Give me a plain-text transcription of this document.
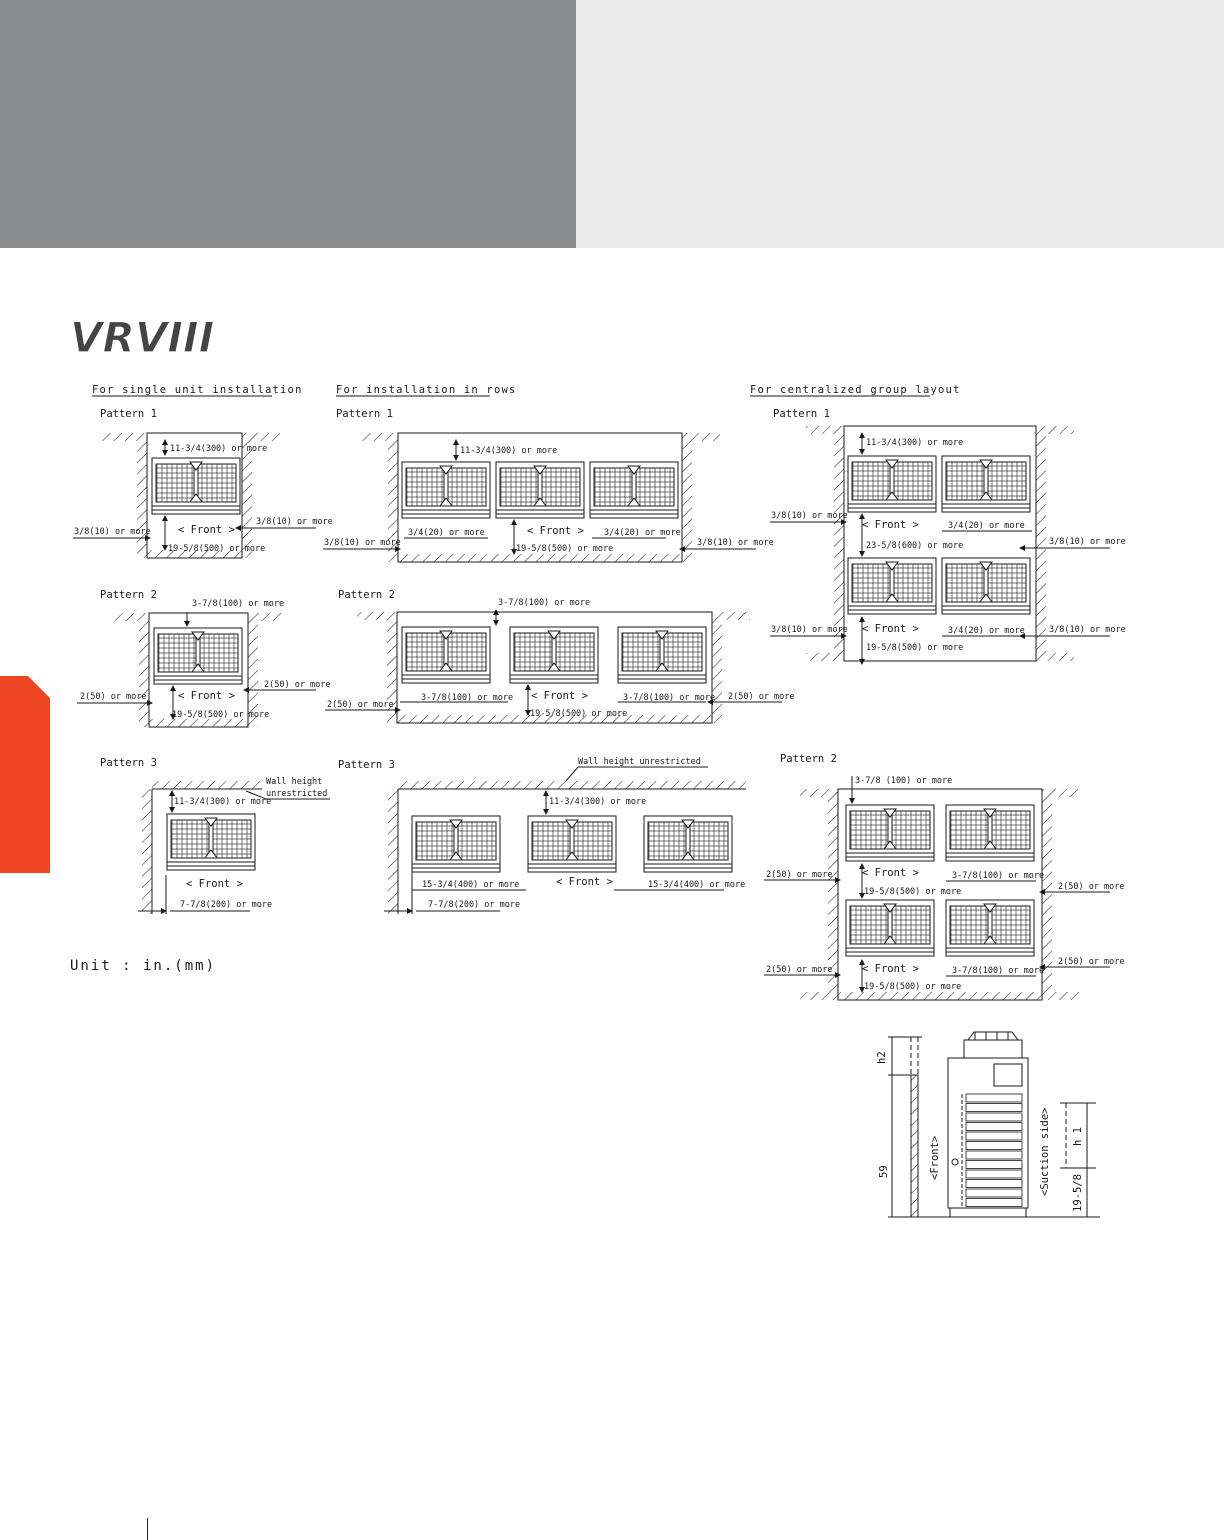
VRVIII
For single unit installation	For installation in rows	For centralized group layout
Pattern 1	Pattern 1	Pattern 1
Pattern 2	Pattern 2
Pattern 3	Pattern 3	Pattern 2
11-3/4(300) or more
< Front >
19-5/8(500) or more
3/8(10) or more
3/8(10) or more
11-3/4(300) or more
< Front >
19-5/8(500) or more
3/4(20) or more	3/4(20) or more
3/8(10) or more	3/8(10) or more
11-3/4(300) or more
< Front >	3/4(20) or more
23-5/8(600) or more
< Front >	3/4(20) or more
19-5/8(500) or more
3/8(10) or more
3/8(10) or more
3/8(10) or more
3/8(10) or more
3-7/8(100) or more
< Front >
19-5/8(500) or more
2(50) or more
2(50) or more
3-7/8(100) or more
< Front >
19-5/8(500) or more
3-7/8(100) or more	3-7/8(100) or more
2(50) or more
2(50) or more
11-3/4(300) or more
Wall height
unrestricted
< Front >
7-7/8(200) or more
11-3/4(300) or more
Wall height unrestricted
< Front >
15-3/4(400) or more	15-3/4(400) or more
7-7/8(200) or more
3-7/8 (100) or more
< Front >
19-5/8(500) or more
3-7/8(100) or more
< Front >
19-5/8(500) or more
3-7/8(100) or more
2(50) or more
2(50) or more
2(50) or more
2(50) or more
Unit : in.(mm)
h2
59	<Front>	<Suction side> h 1
19-5/8
